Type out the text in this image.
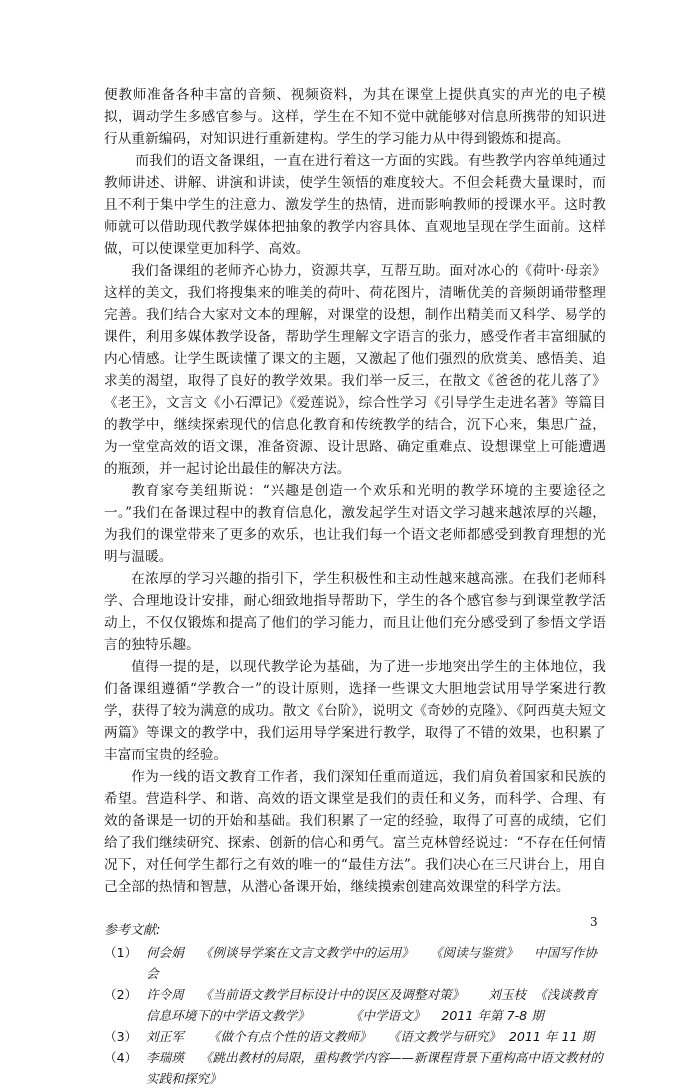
便教师准备各种丰富的音频、视频资料，为其在课堂上提供真实的声光的电子模拟，调动学生多感官参与。这样，学生在不知不觉中就能够对信息所携带的知识进行从重新编码，对知识进行重新建构。学生的学习能力从中得到锻炼和提高。

而我们的语文备课组，一直在进行着这一方面的实践。有些教学内容单纯通过教师讲述、讲解、讲演和讲读，使学生领悟的难度较大。不但会耗费大量课时，而且不利于集中学生的注意力、激发学生的热情，进而影响教师的授课水平。这时教师就可以借助现代教学媒体把抽象的教学内容具体、直观地呈现在学生面前。这样做，可以使课堂更加科学、高效。

我们备课组的老师齐心协力，资源共享，互帮互助。面对冰心的《荷叶·母亲》这样的美文，我们将搜集来的唯美的荷叶、荷花图片，清晰优美的音频朗诵带整理完善。我们结合大家对文本的理解，对课堂的设想，制作出精美而又科学、易学的课件，利用多媒体教学设备，帮助学生理解文字语言的张力，感受作者丰富细腻的内心情感。让学生既读懂了课文的主题，又激起了他们强烈的欣赏美、感悟美、追求美的渴望，取得了良好的教学效果。我们举一反三，在散文《爸爸的花儿落了》《老王》，文言文《小石潭记》《爱莲说》，综合性学习《引导学生走进名著》等篇目的教学中，继续探索现代的信息化教育和传统教学的结合，沉下心来，集思广益，为一堂堂高效的语文课，准备资源、设计思路、确定重难点、设想课堂上可能遭遇的瓶颈，并一起讨论出最佳的解决方法。

教育家夸美纽斯说：“兴趣是创造一个欢乐和光明的教学环境的主要途径之一。”我们在备课过程中的教育信息化，激发起学生对语文学习越来越浓厚的兴趣，为我们的课堂带来了更多的欢乐，也让我们每一个语文老师都感受到教育理想的光明与温暖。

在浓厚的学习兴趣的指引下，学生积极性和主动性越来越高涨。在我们老师科学、合理地设计安排，耐心细致地指导帮助下，学生的各个感官参与到课堂教学活动上，不仅仅锻炼和提高了他们的学习能力，而且让他们充分感受到了参悟文学语言的独特乐趣。

值得一提的是，以现代教学论为基础，为了进一步地突出学生的主体地位，我们备课组遵循“学教合一”的设计原则，选择一些课文大胆地尝试用导学案进行教学，获得了较为满意的成功。散文《台阶》，说明文《奇妙的克隆》、《阿西莫夫短文两篇》等课文的教学中，我们运用导学案进行教学，取得了不错的效果，也积累了丰富而宝贵的经验。

作为一线的语文教育工作者，我们深知任重而道远，我们肩负着国家和民族的希望。营造科学、和谐、高效的语文课堂是我们的责任和义务，而科学、合理、有效的备课是一切的开始和基础。我们积累了一定的经验，取得了可喜的成绩，它们给了我们继续研究、探索、创新的信心和勇气。富兰克林曾经说过：“不存在任何情况下，对任何学生都行之有效的唯一的“最佳方法”。我们决心在三尺讲台上，用自己全部的热情和智慧，从潜心备课开始，继续摸索创建高效课堂的科学方法。

参考文献:
（1） 何会娟    《例谈导学案在文言文教学中的运用》    《阅读与鉴赏》    中国写作协会
（2） 许令周    《当前语文教学目标设计中的误区及调整对策》      刘玉枝  《浅谈教育信息环境下的中学语文教学》          《中学语文》    2011 年第 7-8 期
（3） 刘正军      《做个有点个性的语文教师》    《语文教学与研究》  2011 年 11 期
（4） 李瑞瑛    《跳出教材的局限，重构教学内容——新课程背景下重构高中语文教材的实践和探究》
3
